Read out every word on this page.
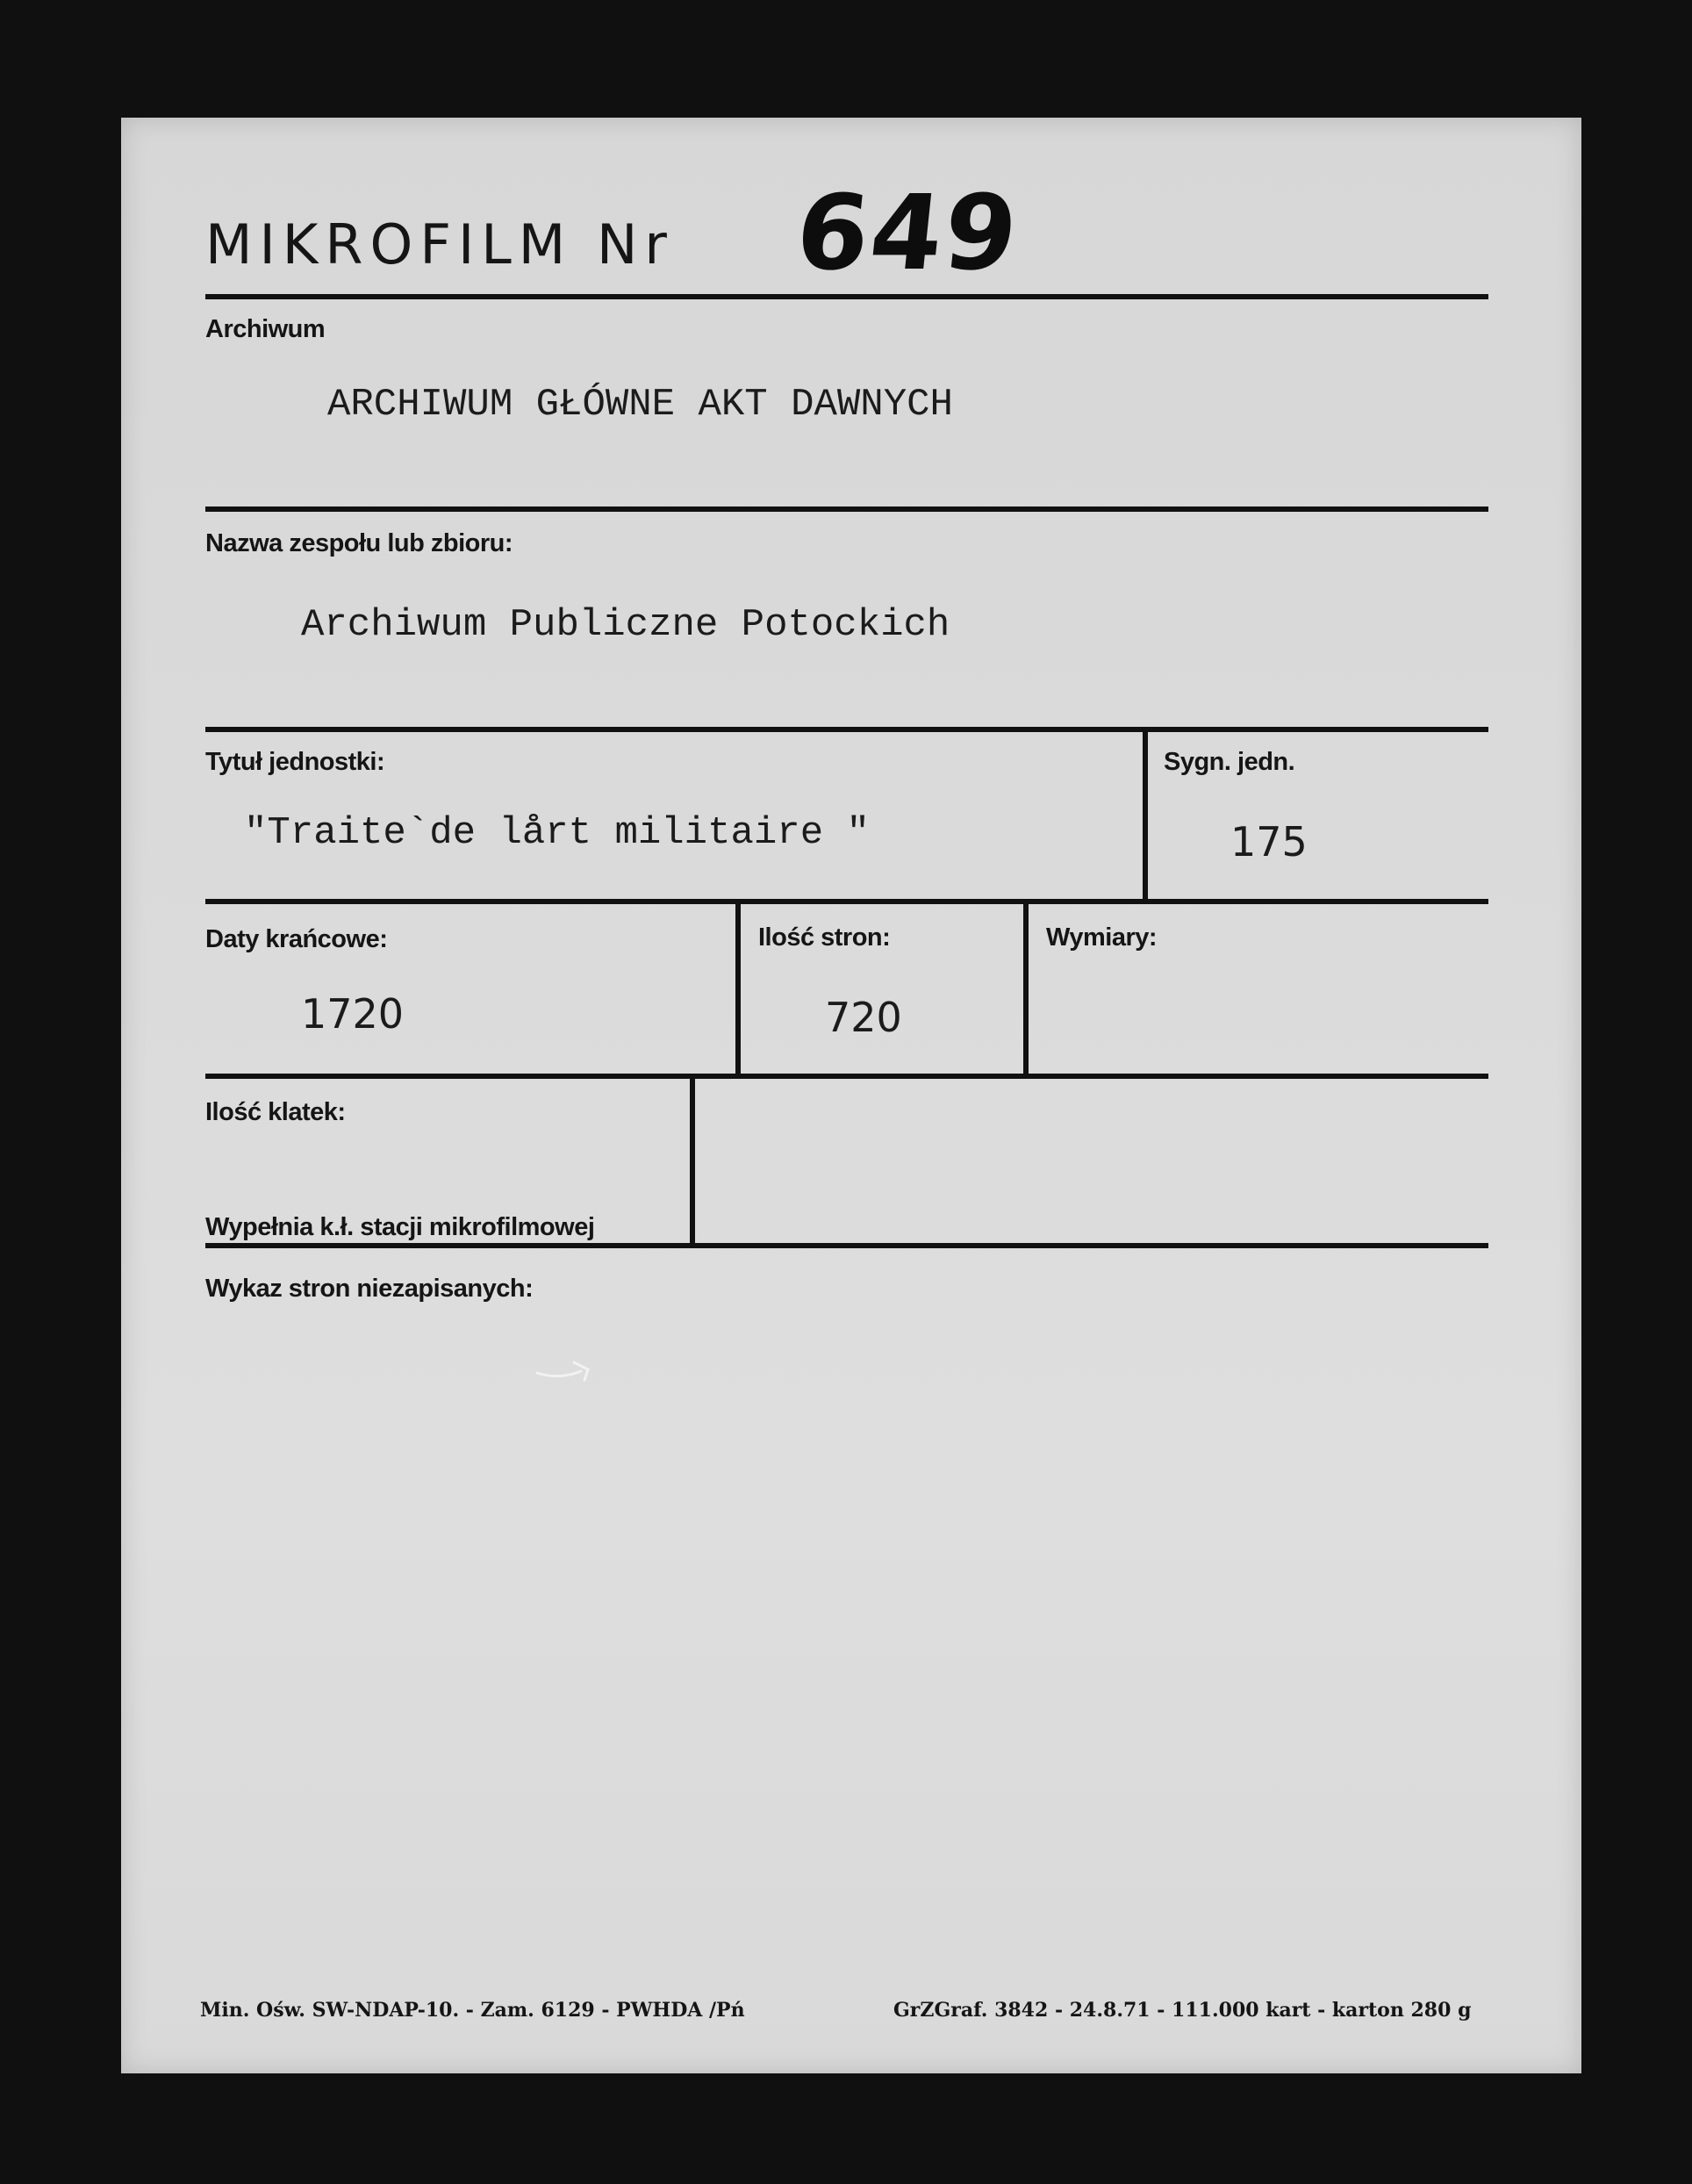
MIKROFILM Nr 649
Archiwum
ARCHIWUM GŁÓWNE AKT DAWNYCH
Nazwa zespołu lub zbioru:
Archiwum Publiczne Potockich
Tytuł jednostki:
"Traite`de lårt militaire "
Sygn. jedn.
175
Daty krańcowe:
1720
Ilość stron:
720
Wymiary:
Ilość klatek:
Wypełnia k.ł. stacji mikrofilmowej
Wykaz stron niezapisanych:
Min. Ośw. SW-NDAP-10. - Zam. 6129 - PWHDA /Pń	GrZGraf. 3842 - 24.8.71 - 111.000 kart - karton 280 g
